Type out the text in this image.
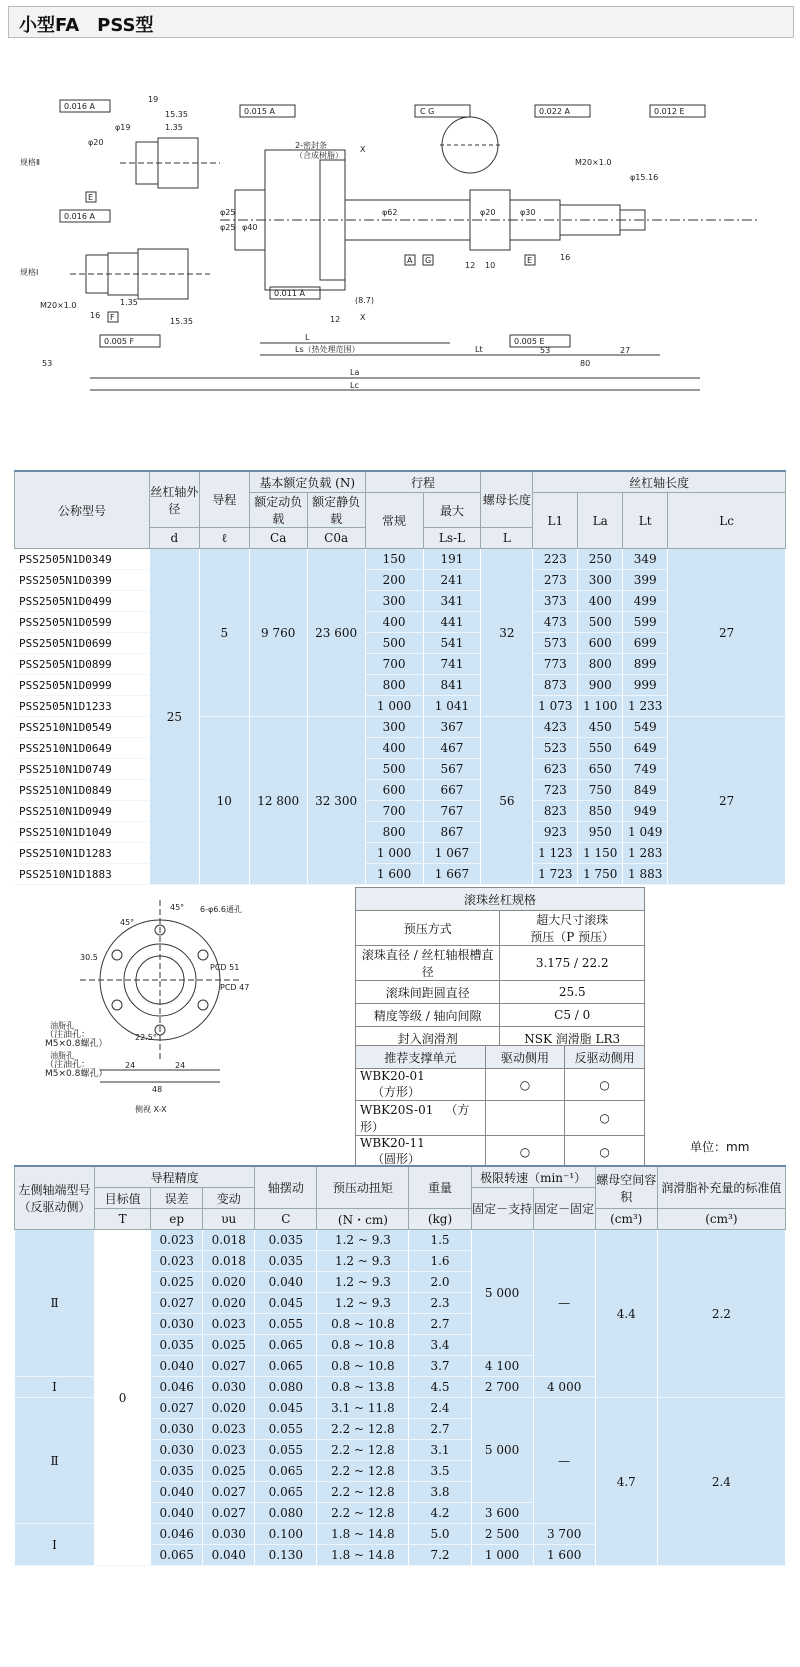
小型FA　PSS型
规格Ⅱ
规格Ⅰ
0.016 A
0.015 A	C G	0.022 A	0.012 E
0.016 A
0.005 F
0.011 A
0.005 E
2-密封条
（合成树脂）
X
M20×1.0
M20×1.0
19
15.35
1.35
16
15.35
1.35
12 10
16
53	80
27
53
(8.7)
12
L
Ls（热处理范围）	Lt
La
Lc
φ62
φ25
φ40
φ20
φ19
φ15.16
φ20
φ25
φ30
E
F
A G	E
X
公称型号	丝杠轴外径	导程	基本额定负载 (N)		行程		螺母长度	丝杠轴长度			
			额定动负载	额定静负载	常规	最大		L1	La	Lt	Lc
	d	ℓ	Ca	C0a		Ls-L	L				
PSS2505N1D0349	25	5	9 760	23 600	150	191	32	223	250	349	27
PSS2505N1D0399					200	241		273	300	399	
PSS2505N1D0499					300	341		373	400	499	
PSS2505N1D0599					400	441		473	500	599	
PSS2505N1D0699					500	541		573	600	699	
PSS2505N1D0899					700	741		773	800	899	
PSS2505N1D0999					800	841		873	900	999	
PSS2505N1D1233					1 000	1 041		1 073	1 100	1 233	
PSS2510N1D0549		10	12 800	32 300	300	367	56	423	450	549	27
PSS2510N1D0649					400	467		523	550	649	
PSS2510N1D0749					500	567		623	650	749	
PSS2510N1D0849					600	667		723	750	849	
PSS2510N1D0949					700	767		823	850	949	
PSS2510N1D1049					800	867		923	950	1 049	
PSS2510N1D1283					1 000	1 067		1 123	1 150	1 283	
PSS2510N1D1883					1 600	1 667		1 723	1 750	1 883	
6-φ6.6通孔
45°
45°
22.5°
PCD 51
PCD 47
30.5
油脂孔
（注油孔：
M5×0.8螺孔）
油脂孔
（注油孔：
M5×0.8螺孔）
24	24
48
侧视 X-X
滚珠丝杠规格	
预压方式	超大尺寸滚珠
预压（P 预压）
滚珠直径 / 丝杠轴根槽直径	3.175 / 22.2
滚珠间距圆直径	25.5
精度等级 / 轴向间隙	C5 / 0
封入润滑剂	NSK 润滑脂 LR3
推荐支撑单元	驱动侧用	反驱动侧用
WBK20-01（方形）	○	○
WBK20S-01 （方形）		○
WBK20-11（圆形）	○	○	单位：mm
左侧轴端型号（反驱动侧）	导程精度			轴摆动	预压动扭矩	重量	极限转速（min⁻¹）		螺母空间容积	润滑脂补充量的标准值
	目标值	误差	变动				固定－支持	固定－固定		
	T	ep	υu	C	(N・cm)	(kg)			(cm³)	(cm³)
Ⅱ	0	0.023	0.018	0.035	1.2 ~ 9.3	1.5	5 000	—	4.4	2.2
		0.023	0.018	0.035	1.2 ~ 9.3	1.6				
		0.025	0.020	0.040	1.2 ~ 9.3	2.0				
		0.027	0.020	0.045	1.2 ~ 9.3	2.3				
		0.030	0.023	0.055	0.8 ~ 10.8	2.7				
		0.035	0.025	0.065	0.8 ~ 10.8	3.4				
		0.040	0.027	0.065	0.8 ~ 10.8	3.7	4 100			
Ⅰ		0.046	0.030	0.080	0.8 ~ 13.8	4.5	2 700	4 000		
Ⅱ		0.027	0.020	0.045	3.1 ~ 11.8	2.4	5 000	—	4.7	2.4
		0.030	0.023	0.055	2.2 ~ 12.8	2.7				
		0.030	0.023	0.055	2.2 ~ 12.8	3.1				
		0.035	0.025	0.065	2.2 ~ 12.8	3.5				
		0.040	0.027	0.065	2.2 ~ 12.8	3.8				
		0.040	0.027	0.080	2.2 ~ 12.8	4.2	3 600			
Ⅰ		0.046	0.030	0.100	1.8 ~ 14.8	5.0	2 500	3 700		
		0.065	0.040	0.130	1.8 ~ 14.8	7.2	1 000	1 600		
